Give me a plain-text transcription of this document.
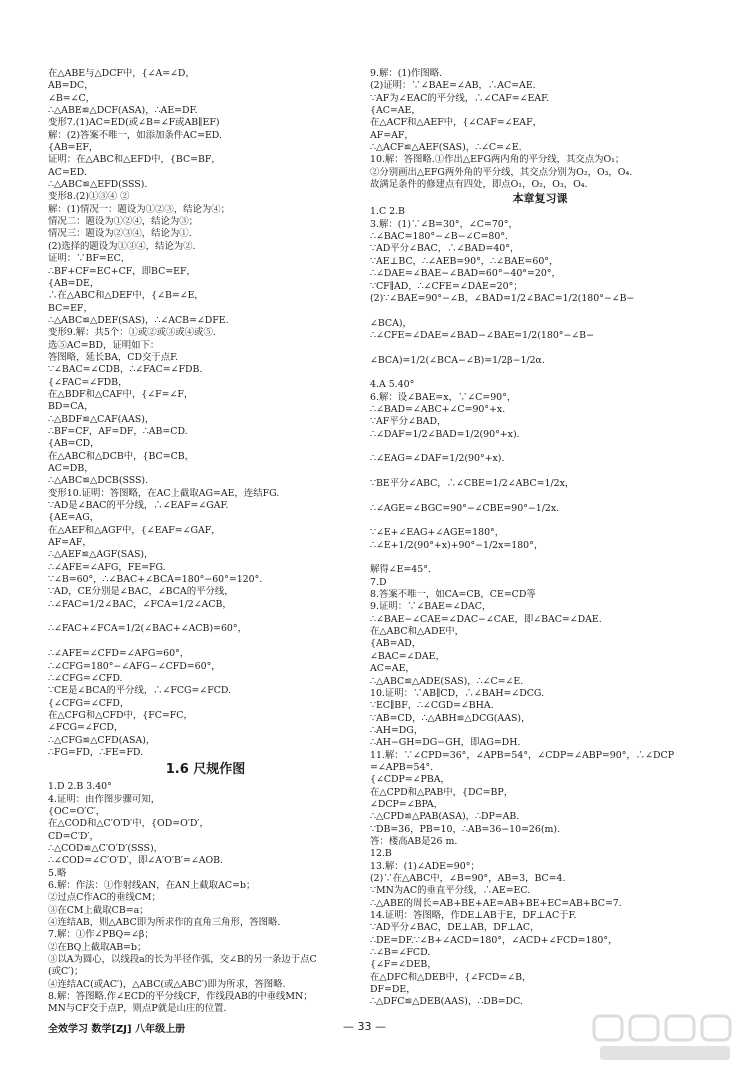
在△ABE与△DCF中，{∠A=∠D，
AB=DC，
∠B=∠C，
∴△ABE≌△DCF(ASA)，∴AE=DF.
变形7.(1)AC=ED(或∠B=∠F或AB∥EF)
解：(2)答案不唯一，如添加条件AC=ED.
{AB=EF，
证明：在△ABC和△EFD中，{BC=BF，
AC=ED.
∴△ABC≌△EFD(SSS).
变形8.(2)①③④ ②
解：(1)情况一：题设为①②③，结论为④；
情况二：题设为①②④，结论为③；
情况三：题设为②③④，结论为①.
(2)选择的题设为①③④，结论为②.
证明：∵BF=EC，
∴BF+CF=EC+CF，即BC=EF，
{AB=DE，
∴在△ABC和△DEF中，{∠B=∠E，
BC=EF，
∴△ABC≌△DEF(SAS)，∴∠ACB=∠DFE.
变形9.解：共5个：①或②或③或④或⑤.
选⑤AC=BD，证明如下：
答图略，延长BA，CD交于点F.
∵∠BAC=∠CDB，∴∠FAC=∠FDB.
{∠FAC=∠FDB，
在△BDF和△CAF中，{∠F=∠F，
BD=CA，
∴△BDF≌△CAF(AAS)，
∴BF=CF，AF=DF，∴AB=CD.
{AB=CD，
在△ABC和△DCB中，{BC=CB，
AC=DB，
∴△ABC≌△DCB(SSS).
变形10.证明：答图略，在AC上截取AG=AE，连结FG.
∵AD是∠BAC的平分线，∴∠EAF=∠GAF.
{AE=AG，
在△AEF和△AGF中，{∠EAF=∠GAF，
AF=AF，
∴△AEF≌△AGF(SAS)，
∴∠AFE=∠AFG，FE=FG.
∵∠B=60°，∴∠BAC+∠BCA=180°−60°=120°.
∵AD，CE分别是∠BAC，∠BCA的平分线，
∴∠FAC=1/2∠BAC，∠FCA=1/2∠ACB，
∴∠FAC+∠FCA=1/2(∠BAC+∠ACB)=60°，
∴∠AFE=∠CFD=∠AFG=60°，
∴∠CFG=180°−∠AFG−∠CFD=60°，
∴∠CFG=∠CFD.
∵CE是∠BCA的平分线，∴∠FCG=∠FCD.
{∠CFG=∠CFD，
在△CFG和△CFD中，{FC=FC，
∠FCG=∠FCD，
∴△CFG≌△CFD(ASA)，
∴FG=FD，∴FE=FD.
1.6 尺规作图
1.D 2.B 3.40°
4.证明：由作图步骤可知，
{OC=O′C′，
在△COD和△C′O′D′中，{OD=O′D′，
CD=C′D′，
∴△COD≌△C′O′D′(SSS)，
∴∠COD=∠C′O′D′，即∠A′O′B′=∠AOB.
5.略
6.解：作法：①作射线AN，在AN上截取AC=b；
②过点C作AC的垂线CM；
③在CM上截取CB=a；
④连结AB，则△ABC即为所求作的直角三角形，答图略.
7.解：①作∠PBQ=∠β；
②在BQ上截取AB=b；
③以A为圆心，以线段a的长为半径作弧，交∠B的另一条边于点C
(或C′)；
④连结AC(或AC′)，△ABC(或△ABC′)即为所求，答图略.
8.解：答图略.作∠ECD的平分线CF，作线段AB的中垂线MN；
MN与CF交于点P，则点P就是山庄的位置.
9.解：(1)作图略.
(2)证明：∵∠BAE=∠AB，∴AC=AE.
∵AF为∠EAC的平分线，∴∠CAF=∠EAF.
{AC=AE，
在△ACF和△AEF中，{∠CAF=∠EAF，
AF=AF，
∴△ACF≌△AEF(SAS)，∴∠C=∠E.
10.解：答图略.①作出△EFG两内角的平分线，其交点为O₁；
②分别画出△EFG两外角的平分线，其交点分别为O₂，O₃，O₄.
故满足条件的修建点有四处，即点O₁，O₂，O₃，O₄.
本章复习课
1.C 2.B
3.解：(1)∵∠B=30°，∠C=70°，
∴∠BAC=180°−∠B−∠C=80°.
∵AD平分∠BAC，∴∠BAD=40°，
∵AE⊥BC，∴∠AEB=90°，∴∠BAE=60°，
∴∠DAE=∠BAE−∠BAD=60°−40°=20°，
∵CF∥AD，∴∠CFE=∠DAE=20°；
(2)∵∠BAE=90°−∠B，∠BAD=1/2∠BAC=1/2(180°−∠B−
∠BCA)，
∴∠CFE=∠DAE=∠BAD−∠BAE=1/2(180°−∠B−
∠BCA)=1/2(∠BCA−∠B)=1/2β−1/2α.
4.A 5.40°
6.解：设∠BAE=x，∵∠C=90°，
∴∠BAD=∠ABC+∠C=90°+x.
∵AF平分∠BAD，
∴∠DAF=1/2∠BAD=1/2(90°+x).
∴∠EAG=∠DAF=1/2(90°+x).
∵BE平分∠ABC，∴∠CBE=1/2∠ABC=1/2x，
∴∠AGE=∠BGC=90°−∠CBE=90°−1/2x.
∵∠E+∠EAG+∠AGE=180°，
∴∠E+1/2(90°+x)+90°−1/2x=180°，
解得∠E=45°.
7.D
8.答案不唯一，如CA=CB，CE=CD等
9.证明：∵∠BAE=∠DAC，
∴∠BAE−∠CAE=∠DAC−∠CAE，即∠BAC=∠DAE.
在△ABC和△ADE中，
{AB=AD，
∠BAC=∠DAE，
AC=AE，
∴△ABC≌△ADE(SAS)，∴∠C=∠E.
10.证明：∵AB∥CD，∴∠BAH=∠DCG.
∵EC∥BF，∴∠CGD=∠BHA.
∵AB=CD，∴△ABH≌△DCG(AAS)，
∴AH=DG，
∴AH−GH=DG−GH，即AG=DH.
11.解：∵∠CPD=36°，∠APB=54°，∠CDP=∠ABP=90°，∴∠DCP
=∠APB=54°.
{∠CDP=∠PBA，
在△CPD和△PAB中，{DC=BP，
∠DCP=∠BPA，
∴△CPD≌△PAB(ASA)，∴DP=AB.
∵DB=36，PB=10，∴AB=36−10=26(m).
答：楼高AB是26 m.
12.B
13.解：(1)∠ADE=90°；
(2)∵在△ABC中，∠B=90°，AB=3，BC=4.
∵MN为AC的垂直平分线，∴AE=EC.
∴△ABE的周长=AB+BE+AE=AB+BE+EC=AB+BC=7.
14.证明：答图略，作DE⊥AB于E，DF⊥AC于F.
∵AD平分∠BAC，DE⊥AB，DF⊥AC，
∴DE=DF.∵∠B+∠ACD=180°，∠ACD+∠FCD=180°，
∴∠B=∠FCD.
{∠F=∠DEB，
在△DFC和△DEB中，{∠FCD=∠B，
DF=DE，
∴△DFC≌△DEB(AAS)，∴DB=DC.
全效学习 数学[ZJ] 八年级上册	— 33 —
